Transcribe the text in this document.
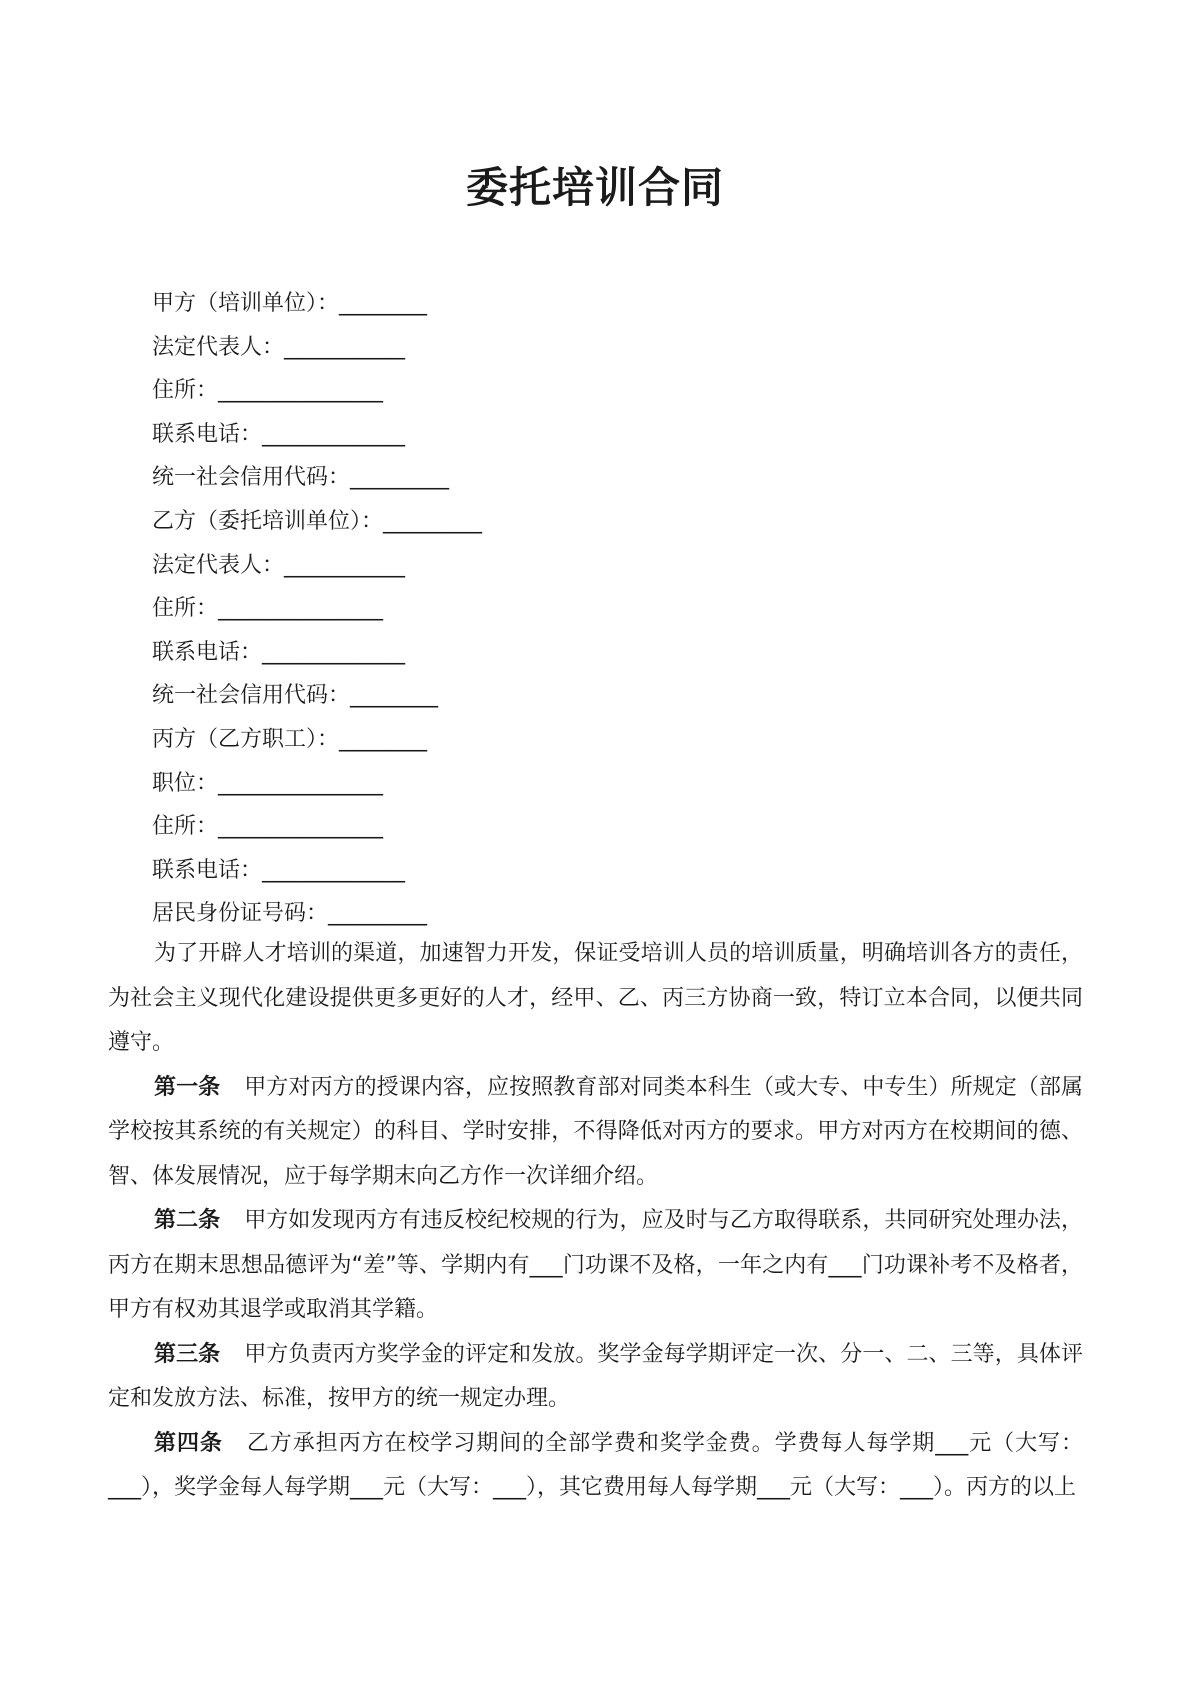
委托培训合同
甲方（培训单位）：________
法定代表人：___________
住所：_______________
联系电话：_____________
统一社会信用代码：_________
乙方（委托培训单位）：_________
法定代表人：___________
住所：_______________
联系电话：_____________
统一社会信用代码：________
丙方（乙方职工）：________
职位：_______________
住所：_______________
联系电话：_____________
居民身份证号码：_________

为了开辟人才培训的渠道，加速智力开发，保证受培训人员的培训质量，明确培训各方的责任，为社会主义现代化建设提供更多更好的人才，经甲、乙、丙三方协商一致，特订立本合同，以便共同遵守。

第一条 甲方对丙方的授课内容，应按照教育部对同类本科生（或大专、中专生）所规定（部属学校按其系统的有关规定）的科目、学时安排，不得降低对丙方的要求。甲方对丙方在校期间的德、智、体发展情况，应于每学期末向乙方作一次详细介绍。

第二条 甲方如发现丙方有违反校纪校规的行为，应及时与乙方取得联系，共同研究处理办法，丙方在期末思想品德评为“差”等、学期内有___门功课不及格，一年之内有___门功课补考不及格者，甲方有权劝其退学或取消其学籍。

第三条 甲方负责丙方奖学金的评定和发放。奖学金每学期评定一次、分一、二、三等，具体评定和发放方法、标准，按甲方的统一规定办理。

第四条 乙方承担丙方在校学习期间的全部学费和奖学金费。学费每人每学期___元（大写：___），奖学金每人每学期___元（大写：___），其它费用每人每学期___元（大写：___）。丙方的以上
